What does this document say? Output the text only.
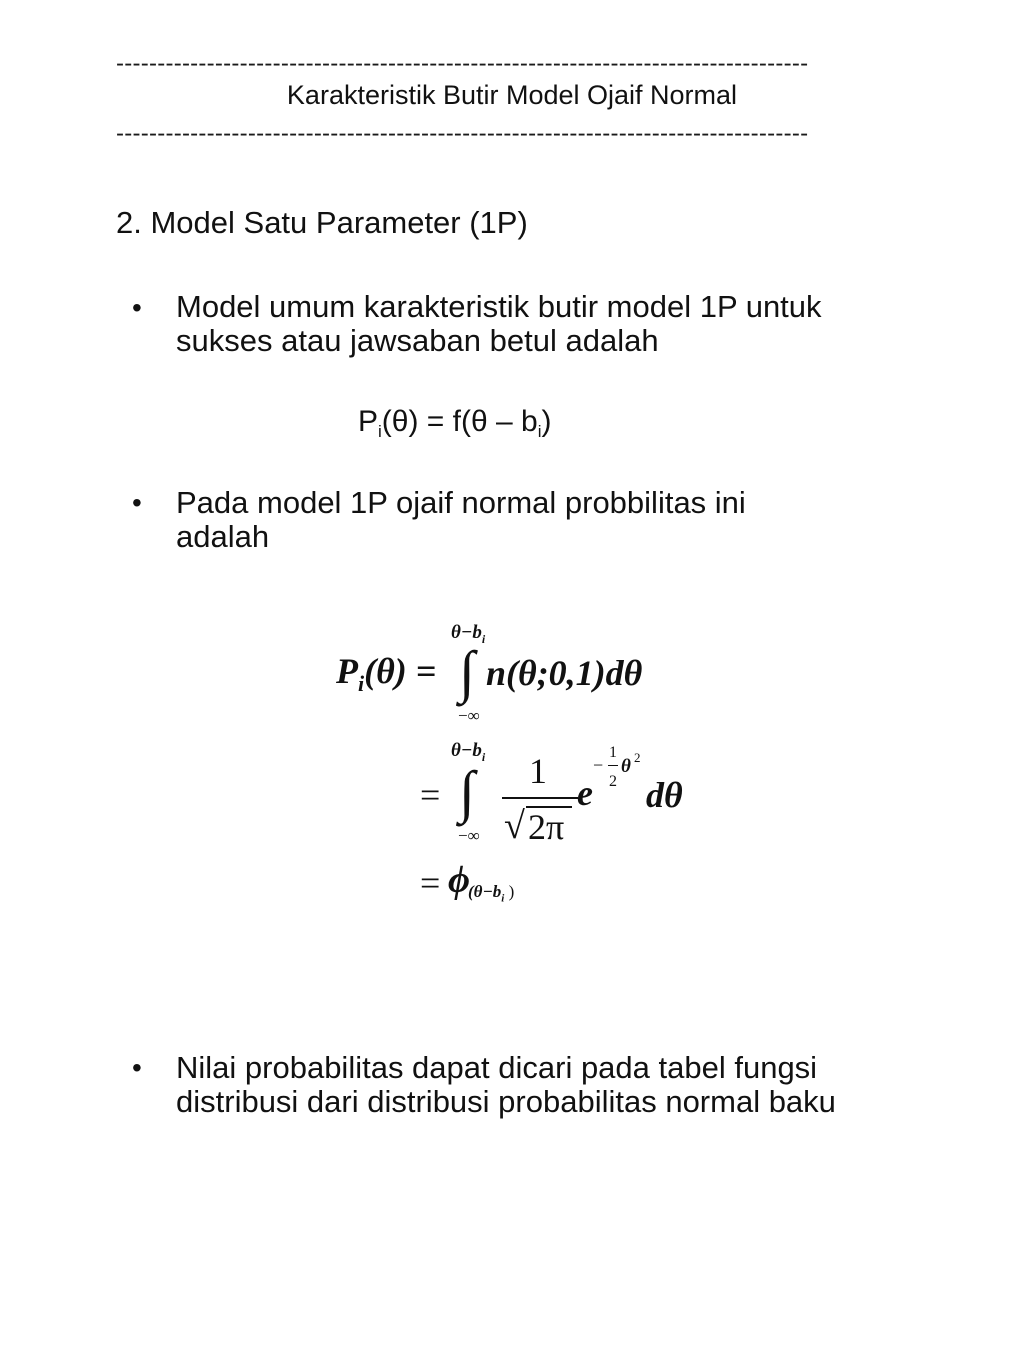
------------------------------------------------------------------------------------
Karakteristik Butir Model Ojaif Normal
------------------------------------------------------------------------------------
2. Model Satu Parameter (1P)
• Model umum karakteristik butir model 1P untuk
sukses atau jawsaban betul adalah
$P_i(\theta) = f(\theta - b_i)$
• Pada model 1P ojaif normal probbilitas ini
adalah
$\theta-b_i$
$P_i(\theta)$ = ∫ n(θ;0,1)dθ
−∞
$\theta-b_i$
= ∫
−∞
1
√ 2π
e
−
1
2
θ 2
dθ
= ϕ
($\theta-b_i$ )
• Nilai probabilitas dapat dicari pada tabel fungsi
distribusi dari distribusi probabilitas normal baku
